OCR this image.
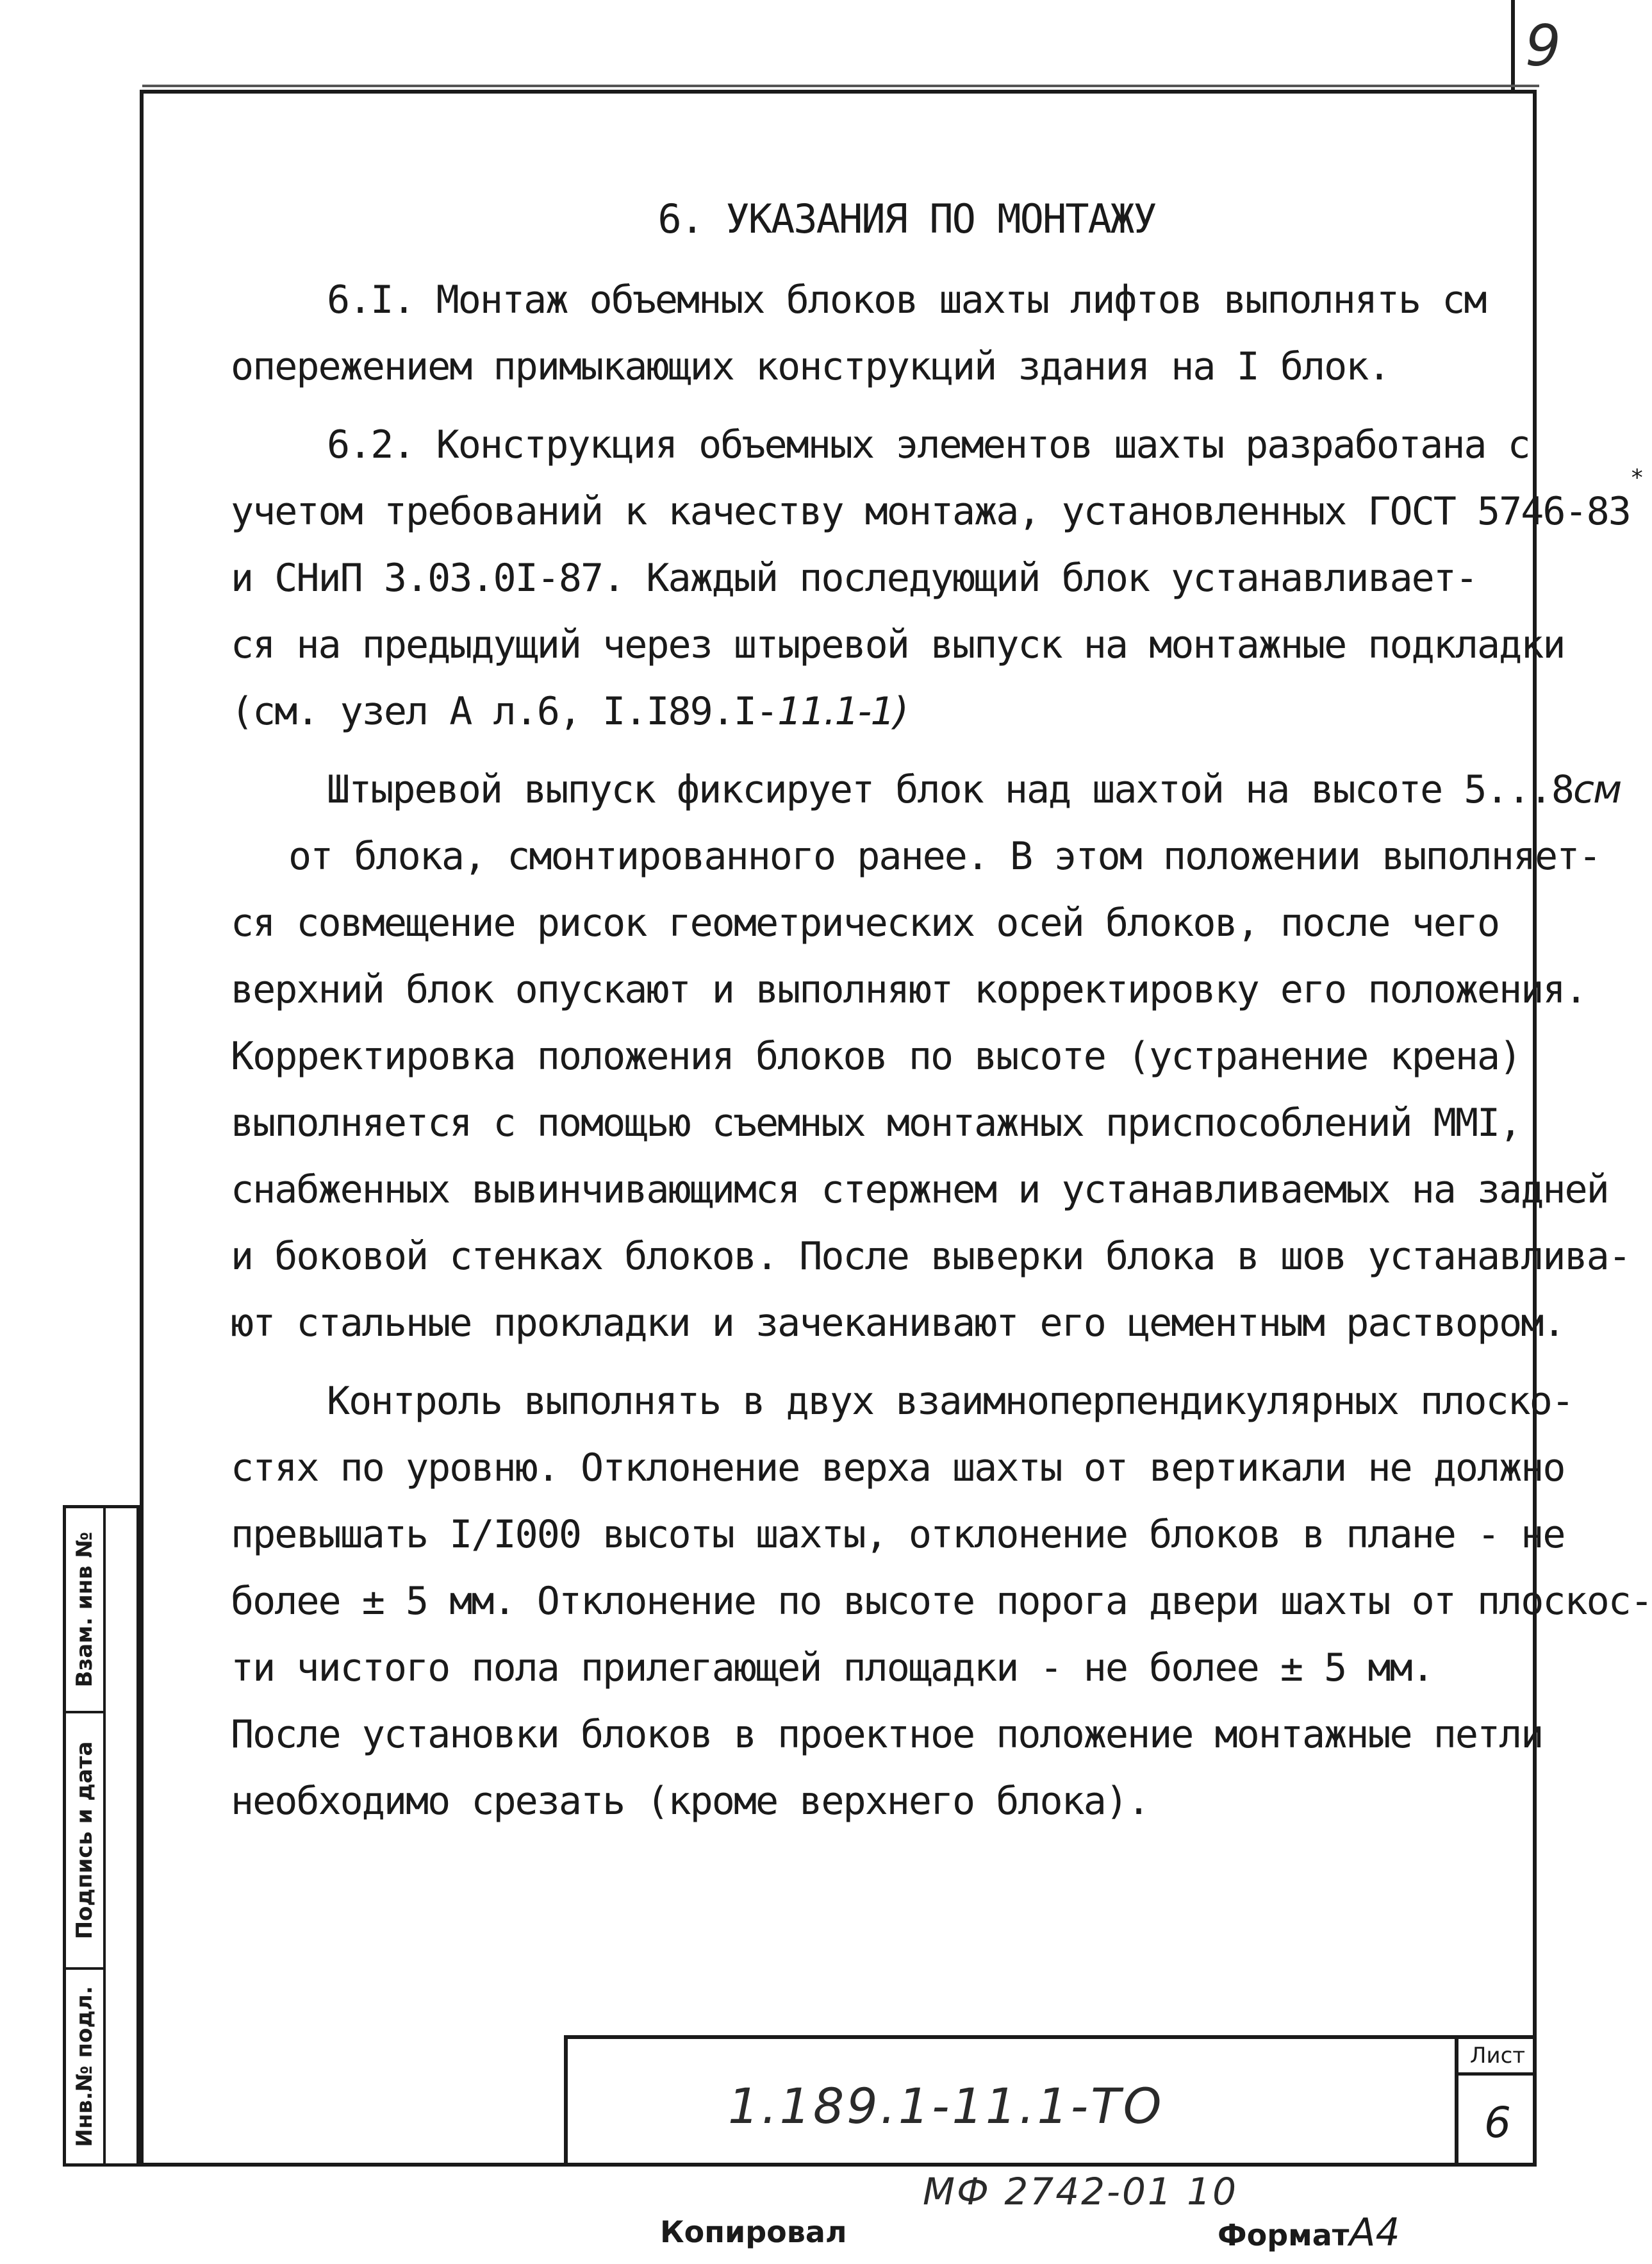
9
6. УКАЗАНИЯ ПО МОНТАЖУ
6.I. Монтаж объемных блоков шахты лифтов выполнять см
опережением примыкающих конструкций здания на I блок.
6.2. Конструкция объемных элементов шахты разработана с
учетом требований к качеству монтажа, установленных ГОСТ 5746-83*
и СНиП 3.03.0I-87. Каждый последующий блок устанавливает-
ся на предыдущий через штыревой выпуск на монтажные подкладки
(см. узел А л.6, I.I89.I-11.1-1)
Штыревой выпуск фиксирует блок над шахтой на высоте 5...8см
от блока, смонтированного ранее. В этом положении выполняет-
ся совмещение рисок геометрических осей блоков, после чего
верхний блок опускают и выполняют корректировку его положения.
Корректировка положения блоков по высоте (устранение крена)
выполняется с помощью съемных монтажных приспособлений ММI,
снабженных вывинчивающимся стержнем и устанавливаемых на задней
и боковой стенках блоков. После выверки блока в шов устанавлива-
ют стальные прокладки и зачеканивают его цементным раствором.
Контроль выполнять в двух взаимноперпендикулярных плоско-
стях по уровню. Отклонение верха шахты от вертикали не должно
превышать I/I000 высоты шахты, отклонение блоков в плане - не
более ± 5 мм. Отклонение по высоте порога двери шахты от плоскос-
ти чистого пола прилегающей площадки - не более ± 5 мм.
После установки блоков в проектное положение монтажные петли
необходимо срезать (кроме верхнего блока).
Взам. инв №
Подпись и дата
Инв.№ подл.	1.189.1-11.1-ТО
Лист
6
МФ 2742-01 10
Копировал	ФорматА4
